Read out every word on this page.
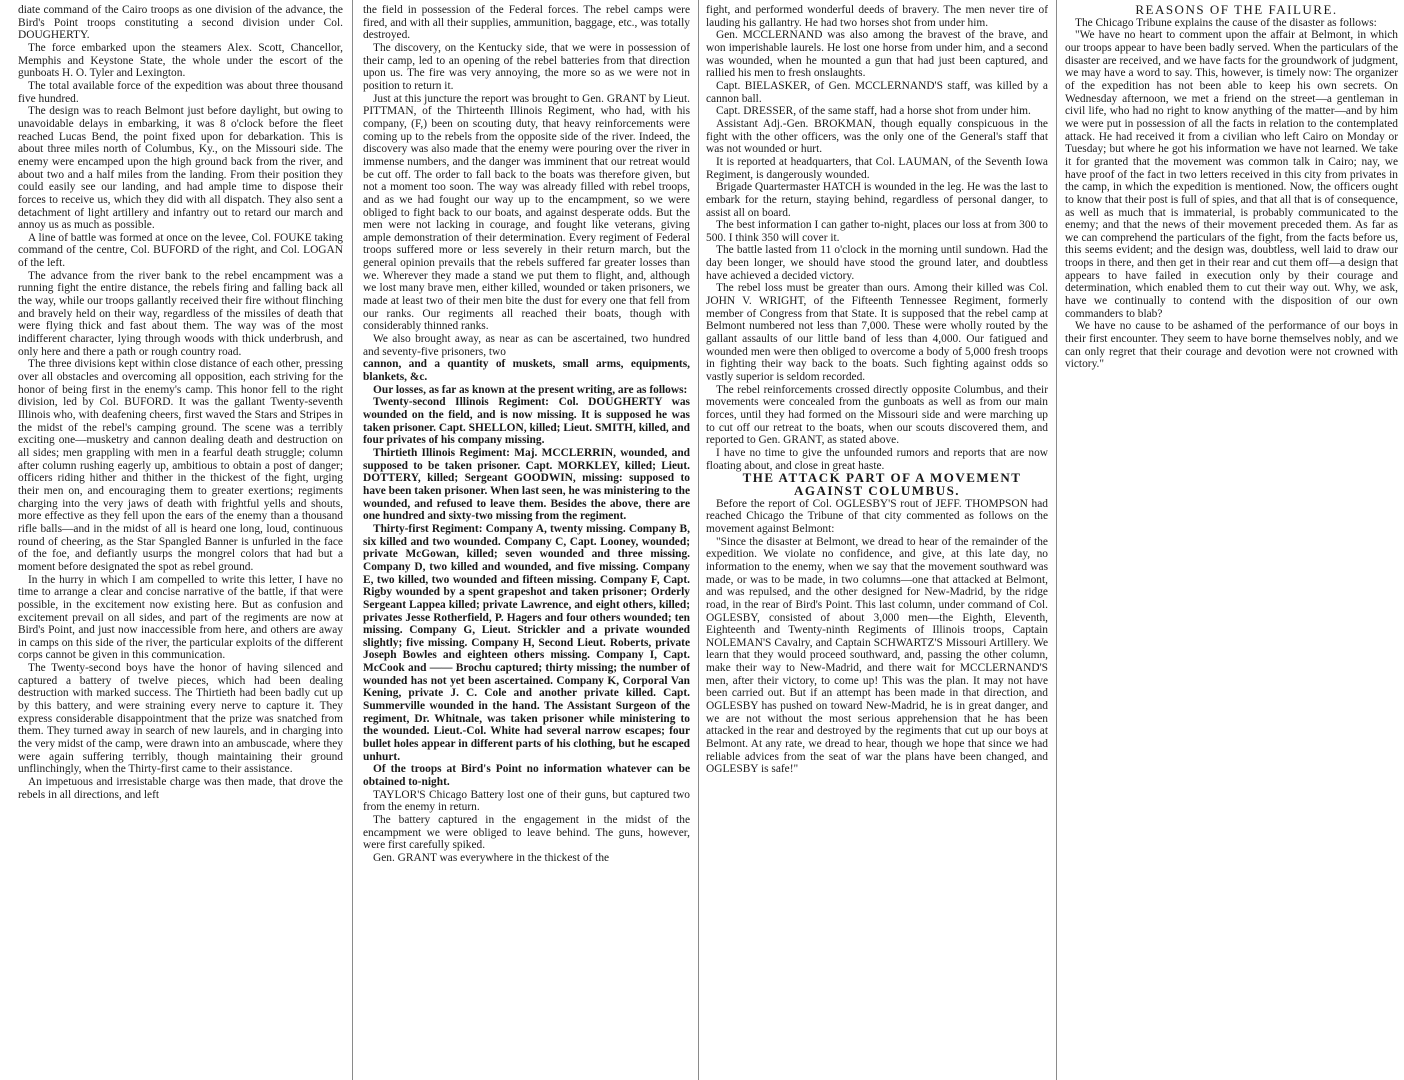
diate command of the Cairo troops as one division of the advance, the Bird's Point troops constituting a second division under Col. DOUGHERTY.

The force embarked upon the steamers Alex. Scott, Chancellor, Memphis and Keystone State, the whole under the escort of the gunboats H. O. Tyler and Lexington.

The total available force of the expedition was about three thousand five hundred.

The design was to reach Belmont just before daylight, but owing to unavoidable delays in embarking, it was 8 o'clock before the fleet reached Lucas Bend, the point fixed upon for debarkation. This is about three miles north of Columbus, Ky., on the Missouri side. The enemy were encamped upon the high ground back from the river, and about two and a half miles from the landing. From their position they could easily see our landing, and had ample time to dispose their forces to receive us, which they did with all dispatch. They also sent a detachment of light artillery and infantry out to retard our march and annoy us as much as possible.

A line of battle was formed at once on the levee, Col. FOUKE taking command of the centre, Col. BUFORD of the right, and Col. LOGAN of the left.

The advance from the river bank to the rebel encampment was a running fight the entire distance, the rebels firing and falling back all the way, while our troops gallantly received their fire without flinching and bravely held on their way, regardless of the missiles of death that were flying thick and fast about them. The way was of the most indifferent character, lying through woods with thick underbrush, and only here and there a path or rough country road.

The three divisions kept within close distance of each other, pressing over all obstacles and overcoming all opposition, each striving for the honor of being first in the enemy's camp. This honor fell to the right division, led by Col. BUFORD. It was the gallant Twenty-seventh Illinois who, with deafening cheers, first waved the Stars and Stripes in the midst of the rebel's camping ground. The scene was a terribly exciting one—musketry and cannon dealing death and destruction on all sides; men grappling with men in a fearful death struggle; column after column rushing eagerly up, ambitious to obtain a post of danger; officers riding hither and thither in the thickest of the fight, urging their men on, and encouraging them to greater exertions; regiments charging into the very jaws of death with frightful yells and shouts, more effective as they fell upon the ears of the enemy than a thousand rifle balls—and in the midst of all is heard one long, loud, continuous round of cheering, as the Star Spangled Banner is unfurled in the face of the foe, and defiantly usurps the mongrel colors that had but a moment before designated the spot as rebel ground.

In the hurry in which I am compelled to write this letter, I have no time to arrange a clear and concise narrative of the battle, if that were possible, in the excitement now existing here. But as confusion and excitement prevail on all sides, and part of the regiments are now at Bird's Point, and just now inaccessible from here, and others are away in camps on this side of the river, the particular exploits of the different corps cannot be given in this communication.

The Twenty-second boys have the honor of having silenced and captured a battery of twelve pieces, which had been dealing destruction with marked success. The Thirtieth had been badly cut up by this battery, and were straining every nerve to capture it. They express considerable disappointment that the prize was snatched from them. They turned away in search of new laurels, and in charging into the very midst of the camp, were drawn into an ambuscade, where they were again suffering terribly, though maintaining their ground unflinchingly, when the Thirty-first came to their assistance.

An impetuous and irresistable charge was then made, that drove the rebels in all directions, and left

the field in possession of the Federal forces. The rebel camps were fired, and with all their supplies, ammunition, baggage, etc., was totally destroyed.

The discovery, on the Kentucky side, that we were in possession of their camp, led to an opening of the rebel batteries from that direction upon us. The fire was very annoying, the more so as we were not in position to return it.

Just at this juncture the report was brought to Gen. GRANT by Lieut. PITTMAN, of the Thirteenth Illinois Regiment, who had, with his company, (F,) been on scouting duty, that heavy reinforcements were coming up to the rebels from the opposite side of the river. Indeed, the discovery was also made that the enemy were pouring over the river in immense numbers, and the danger was imminent that our retreat would be cut off. The order to fall back to the boats was therefore given, but not a moment too soon. The way was already filled with rebel troops, and as we had fought our way up to the encampment, so we were obliged to fight back to our boats, and against desperate odds. But the men were not lacking in courage, and fought like veterans, giving ample demonstration of their determination. Every regiment of Federal troops suffered more or less severely in their return march, but the general opinion prevails that the rebels suffered far greater losses than we. Wherever they made a stand we put them to flight, and, although we lost many brave men, either killed, wounded or taken prisoners, we made at least two of their men bite the dust for every one that fell from our ranks. Our regiments all reached their boats, though with considerably thinned ranks.

We also brought away, as near as can be ascertained, two hundred and seventy-five prisoners, two

cannon, and a quantity of muskets, small arms, equipments, blankets, &c.

Our losses, as far as known at the present writing, are as follows:

Twenty-second Illinois Regiment: Col. DOUGHERTY was wounded on the field, and is now missing. It is supposed he was taken prisoner. Capt. SHELLON, killed; Lieut. SMITH, killed, and four privates of his company missing.

Thirtieth Illinois Regiment: Maj. MCCLERRIN, wounded, and supposed to be taken prisoner. Capt. MORKLEY, killed; Lieut. DOTTERY, killed; Sergeant GOODWIN, missing: supposed to have been taken prisoner. When last seen, he was ministering to the wounded, and refused to leave them. Besides the above, there are one hundred and sixty-two missing from the regiment.

Thirty-first Regiment: Company A, twenty missing. Company B, six killed and two wounded. Company C, Capt. Looney, wounded; private McGowan, killed; seven wounded and three missing. Company D, two killed and wounded, and five missing. Company E, two killed, two wounded and fifteen missing. Company F, Capt. Rigby wounded by a spent grapeshot and taken prisoner; Orderly Sergeant Lappea killed; private Lawrence, and eight others, killed; privates Jesse Rotherfield, P. Hagers and four others wounded; ten missing. Company G, Lieut. Strickler and a private wounded slightly; five missing. Company H, Second Lieut. Roberts, private Joseph Bowles and eighteen others missing. Company I, Capt. McCook and —— Brochu captured; thirty missing; the number of wounded has not yet been ascertained. Company K, Corporal Van Kening, private J. C. Cole and another private killed. Capt. Summerville wounded in the hand. The Assistant Surgeon of the regiment, Dr. Whitnale, was taken prisoner while ministering to the wounded. Lieut.-Col. White had several narrow escapes; four bullet holes appear in different parts of his clothing, but he escaped unhurt.

Of the troops at Bird's Point no information whatever can be obtained to-night.

TAYLOR'S Chicago Battery lost one of their guns, but captured two from the enemy in return.

The battery captured in the engagement in the midst of the encampment we were obliged to leave behind. The guns, however, were first carefully spiked.

Gen. GRANT was everywhere in the thickest of the

fight, and performed wonderful deeds of bravery. The men never tire of lauding his gallantry. He had two horses shot from under him.

Gen. MCCLERNAND was also among the bravest of the brave, and won imperishable laurels. He lost one horse from under him, and a second was wounded, when he mounted a gun that had just been captured, and rallied his men to fresh onslaughts.

Capt. BIELASKER, of Gen. MCCLERNAND'S staff, was killed by a cannon ball.

Capt. DRESSER, of the same staff, had a horse shot from under him.

Assistant Adj.-Gen. BROKMAN, though equally conspicuous in the fight with the other officers, was the only one of the General's staff that was not wounded or hurt.

It is reported at headquarters, that Col. LAUMAN, of the Seventh Iowa Regiment, is dangerously wounded.

Brigade Quartermaster HATCH is wounded in the leg. He was the last to embark for the return, staying behind, regardless of personal danger, to assist all on board.

The best information I can gather to-night, places our loss at from 300 to 500. I think 350 will cover it.

The battle lasted from 11 o'clock in the morning until sundown. Had the day been longer, we should have stood the ground later, and doubtless have achieved a decided victory.

The rebel loss must be greater than ours. Among their killed was Col. JOHN V. WRIGHT, of the Fifteenth Tennessee Regiment, formerly member of Congress from that State. It is supposed that the rebel camp at Belmont numbered not less than 7,000. These were wholly routed by the gallant assaults of our little band of less than 4,000. Our fatigued and wounded men were then obliged to overcome a body of 5,000 fresh troops in fighting their way back to the boats. Such fighting against odds so vastly superior is seldom recorded.

The rebel reinforcements crossed directly opposite Columbus, and their movements were concealed from the gunboats as well as from our main forces, until they had formed on the Missouri side and were marching up to cut off our retreat to the boats, when our scouts discovered them, and reported to Gen. GRANT, as stated above.

I have no time to give the unfounded rumors and reports that are now floating about, and close in great haste.

THE ATTACK PART OF A MOVEMENT AGAINST COLUMBUS.

Before the report of Col. OGLESBY'S rout of JEFF. THOMPSON had reached Chicago the Tribune of that city commented as follows on the movement against Belmont:

"Since the disaster at Belmont, we dread to hear of the remainder of the expedition. We violate no confidence, and give, at this late day, no information to the enemy, when we say that the movement southward was made, or was to be made, in two columns—one that attacked at Belmont, and was repulsed, and the other designed for New-Madrid, by the ridge road, in the rear of Bird's Point. This last column, under command of Col. OGLESBY, consisted of about 3,000 men—the Eighth, Eleventh, Eighteenth and Twenty-ninth Regiments of Illinois troops, Captain NOLEMAN'S Cavalry, and Captain SCHWARTZ'S Missouri Artillery. We learn that they would proceed southward, and, passing the other column, make their way to New-Madrid, and there wait for MCCLERNAND'S men, after their victory, to come up! This was the plan. It may not have been carried out. But if an attempt has been made in that direction, and OGLESBY has pushed on toward New-Madrid, he is in great danger, and we are not without the most serious apprehension that he has been attacked in the rear and destroyed by the regiments that cut up our boys at Belmont. At any rate, we dread to hear, though we hope that since we had reliable advices from the seat of war the plans have been changed, and OGLESBY is safe!"

REASONS OF THE FAILURE.

The Chicago Tribune explains the cause of the disaster as follows:

"We have no heart to comment upon the affair at Belmont, in which our troops appear to have been badly served. When the particulars of the disaster are received, and we have facts for the groundwork of judgment, we may have a word to say. This, however, is timely now: The organizer of the expedition has not been able to keep his own secrets. On Wednesday afternoon, we met a friend on the street—a gentleman in civil life, who had no right to know anything of the matter—and by him we were put in possession of all the facts in relation to the contemplated attack. He had received it from a civilian who left Cairo on Monday or Tuesday; but where he got his information we have not learned. We take it for granted that the movement was common talk in Cairo; nay, we have proof of the fact in two letters received in this city from privates in the camp, in which the expedition is mentioned. Now, the officers ought to know that their post is full of spies, and that all that is of consequence, as well as much that is immaterial, is probably communicated to the enemy; and that the news of their movement preceded them. As far as we can comprehend the particulars of the fight, from the facts before us, this seems evident; and the design was, doubtless, well laid to draw our troops in there, and then get in their rear and cut them off—a design that appears to have failed in execution only by their courage and determination, which enabled them to cut their way out. Why, we ask, have we continually to contend with the disposition of our own commanders to blab?

We have no cause to be ashamed of the performance of our boys in their first encounter. They seem to have borne themselves nobly, and we can only regret that their courage and devotion were not crowned with victory."
